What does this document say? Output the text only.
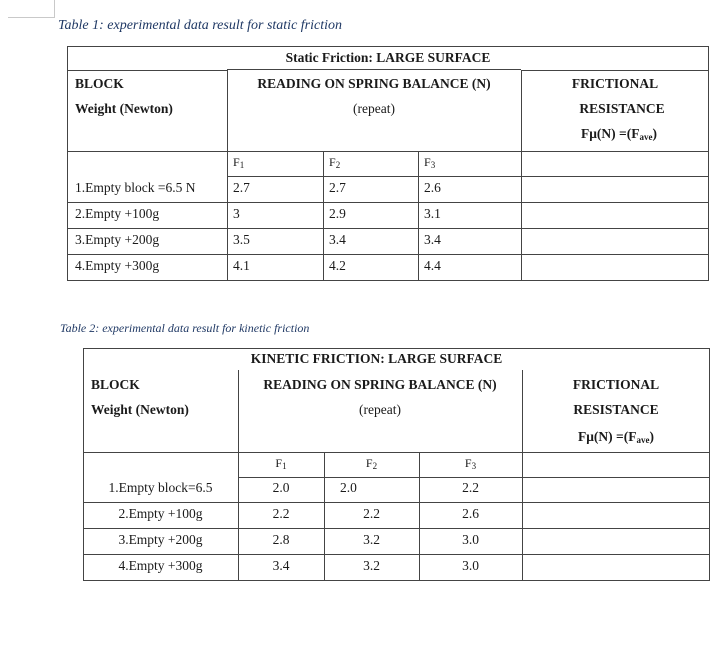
Table 1: experimental data result for static friction
Static Friction: LARGE SURFACE
BLOCK
Weight (Newton)
READING ON SPRING BALANCE (N)
(repeat)
FRICTIONAL
RESISTANCE
$F\mu(N) =(F_{ave})$
$F_1$	$F_2$	$F_3$
1.Empty block =6.5 N	2.7	2.7	2.6
2.Empty +100g	3	2.9	3.1
3.Empty +200g	3.5	3.4	3.4
4.Empty +300g	4.1	4.2	4.4
Table 2: experimental data result for kinetic friction
KINETIC FRICTION: LARGE SURFACE
BLOCK
Weight (Newton)
READING ON SPRING BALANCE (N)
(repeat)
FRICTIONAL
RESISTANCE
$F\mu(N) =(F_{ave})$
$F_1$	$F_2$	$F_3$
1.Empty block=6.5	2.0	2.0	2.2
2.Empty +100g	2.2	2.2	2.6
3.Empty +200g	2.8	3.2	3.0
4.Empty +300g	3.4	3.2	3.0
